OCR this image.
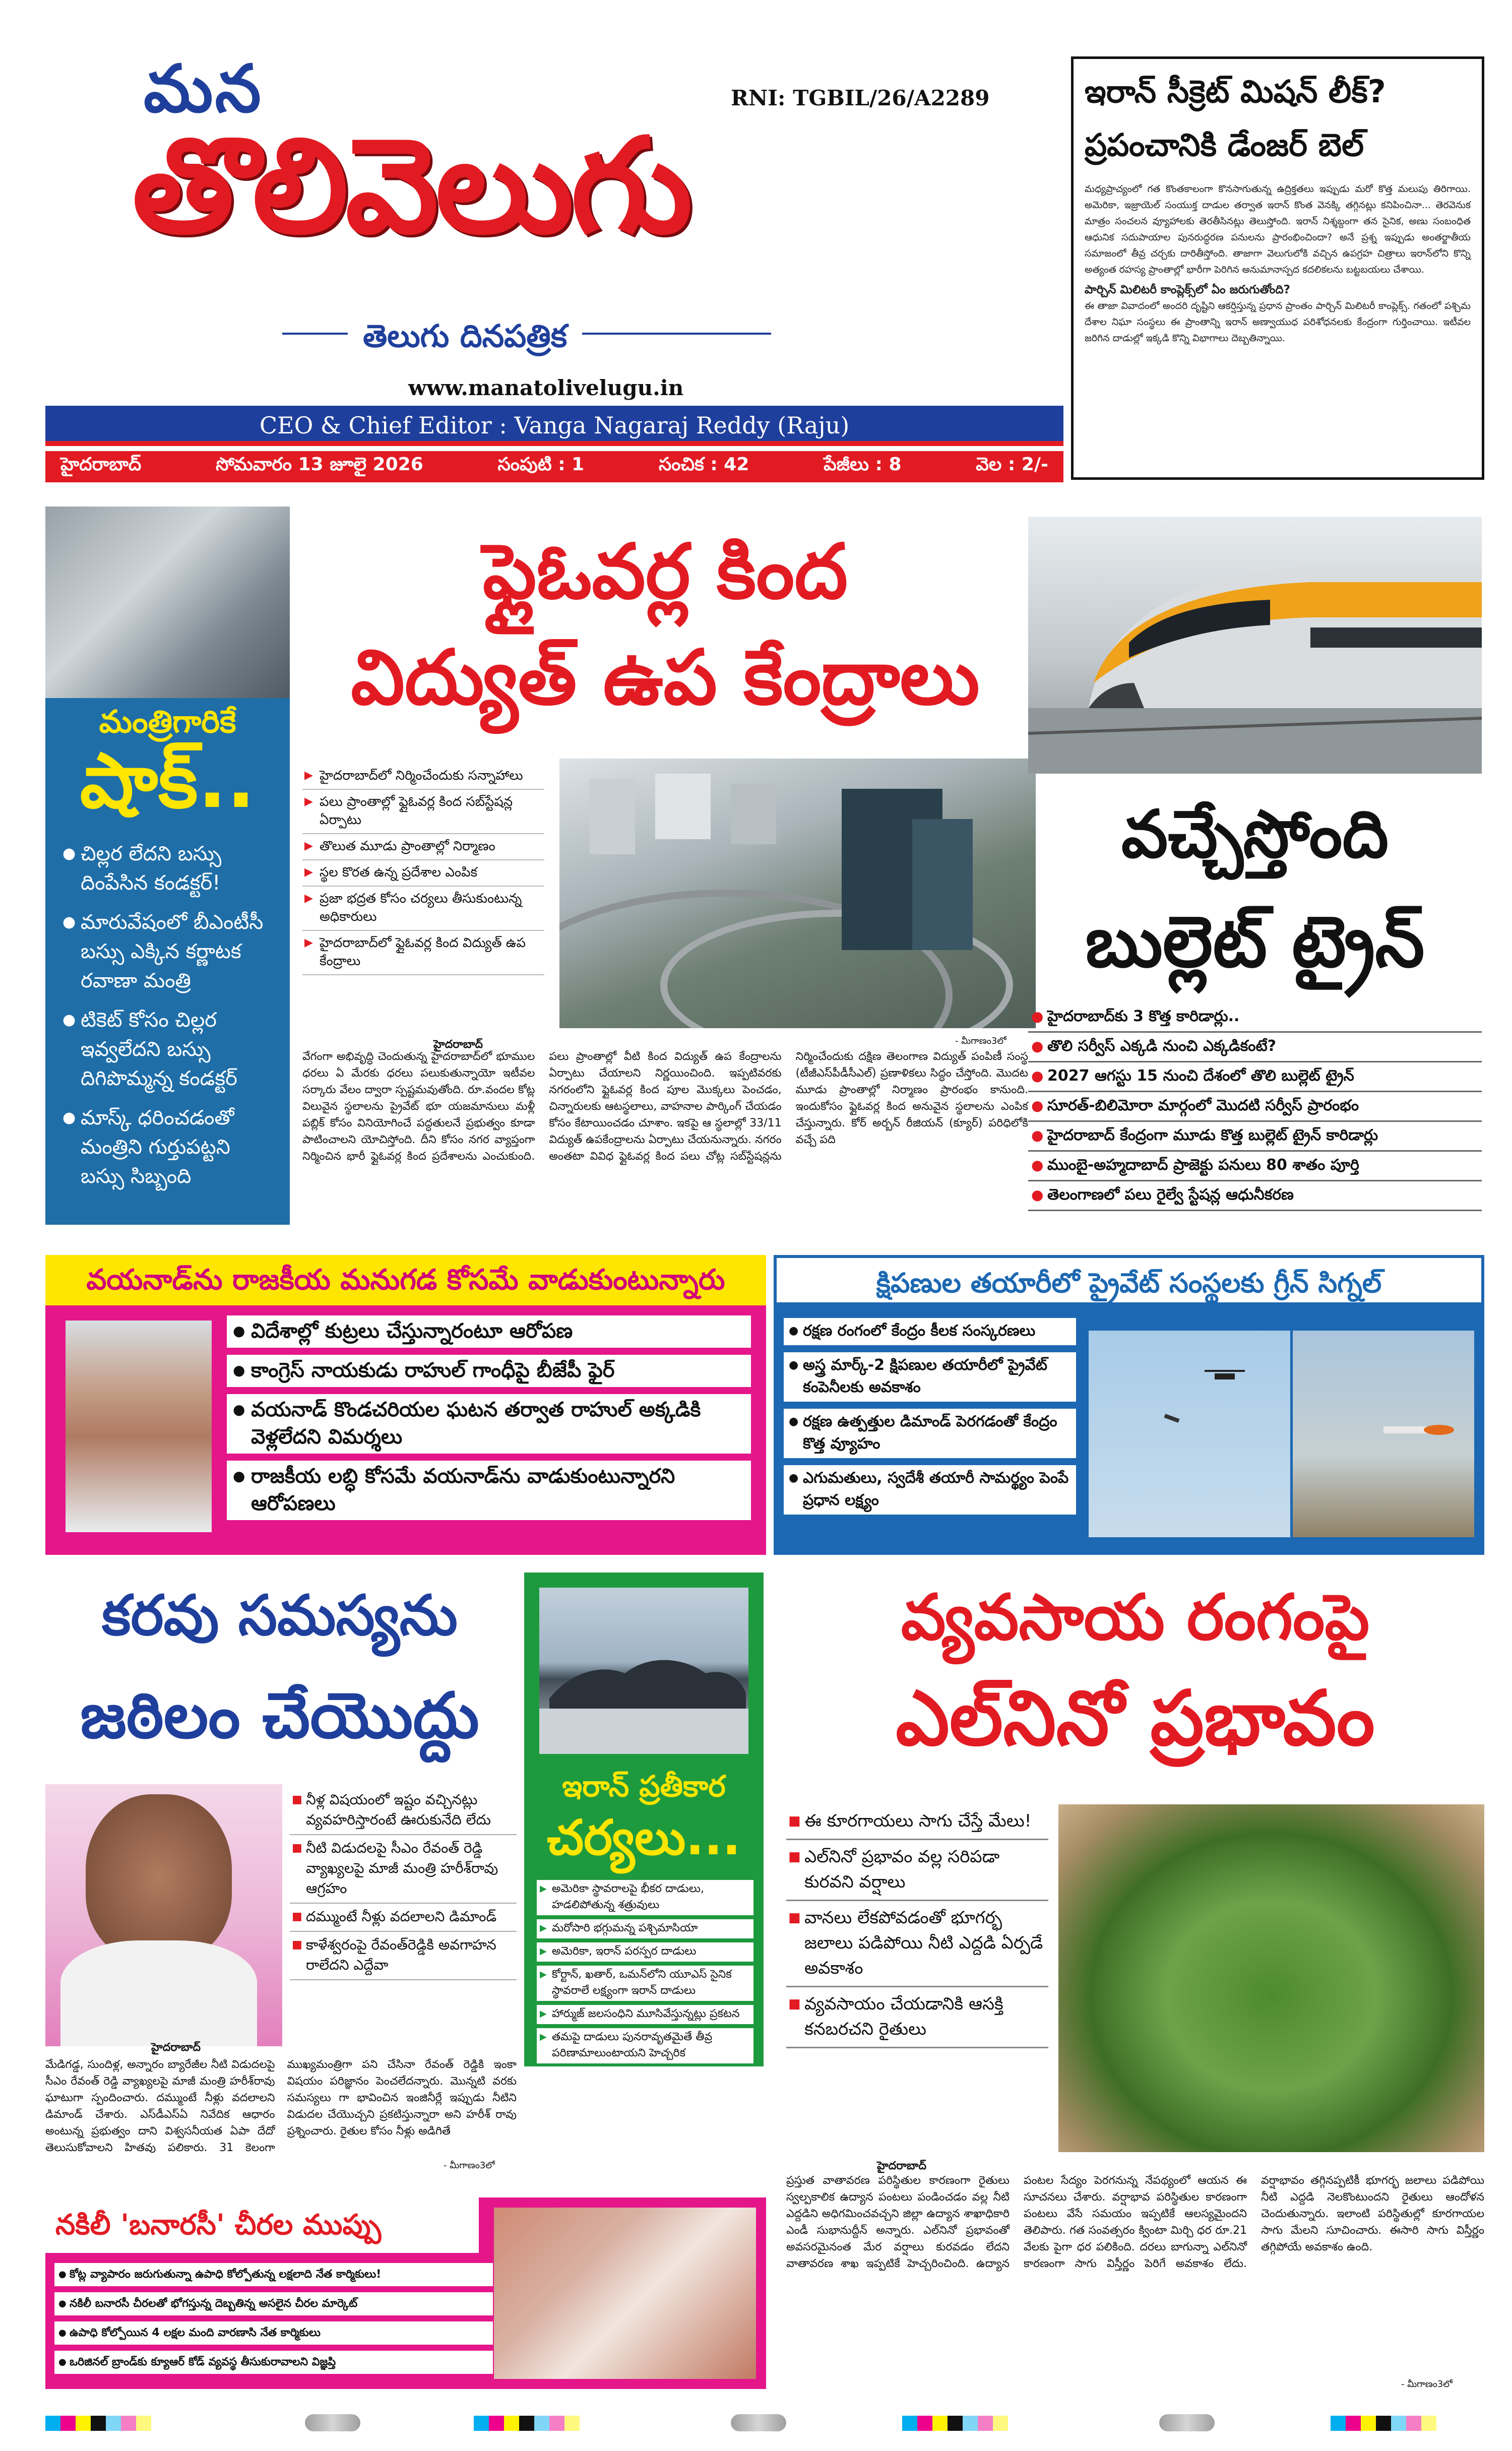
మన
తొలివెలుగు
తెలుగు దినపత్రిక
RNI: TGBIL/26/A2289
www.manatolivelugu.in
CEO & Chief Editor : Vanga Nagaraj Reddy (Raju)
హైదరాబాద్	సోమవారం 13 జూలై 2026	సంపుటి : 1	సంచిక : 42	పేజీలు : 8	వెల : 2/-
ఇరాన్ సీక్రెట్ మిషన్ లీక్?
ప్రపంచానికి డేంజర్ బెల్

మధ్యప్రాచ్యంలో గత కొంతకాలంగా కొనసాగుతున్న ఉద్రిక్తతలు ఇప్పుడు మరో కొత్త మలుపు తిరిగాయి. అమెరికా, ఇజ్రాయెల్ సంయుక్త దాడుల తర్వాత ఇరాన్ కొంత వెనక్కి తగ్గినట్లు కనిపించినా... తెరవెనుక మాత్రం సంచలన వ్యూహాలకు తెరతీసినట్లు తెలుస్తోంది. ఇరాన్ నిశ్శబ్దంగా తన సైనిక, అణు సంబంధిత ఆధునిక సదుపాయాల పునరుద్ధరణ పనులను ప్రారంభించిందా? అనే ప్రశ్న ఇప్పుడు అంతర్జాతీయ సమాజంలో తీవ్ర చర్చకు దారితీస్తోంది. తాజాగా వెలుగులోకి వచ్చిన ఉపగ్రహ చిత్రాలు ఇరాన్‌లోని కొన్ని అత్యంత రహస్య ప్రాంతాల్లో భారీగా పెరిగిన అనుమానాస్పద కదలికలను బట్టబయలు చేశాయి.

పార్చిన్ మిలిటరీ కాంప్లెక్స్‌లో ఏం జరుగుతోంది?

ఈ తాజా వివాదంలో అందరి దృష్టిని ఆకర్షిస్తున్న ప్రధాన ప్రాంతం పార్చిన్ మిలిటరీ కాంప్లెక్స్. గతంలో పశ్చిమ దేశాల నిఘా సంస్థలు ఈ ప్రాంతాన్ని ఇరాన్ అణ్వాయుధ పరిశోధనలకు కేంద్రంగా గుర్తించాయి. ఇటీవల జరిగిన దాడుల్లో ఇక్కడి కొన్ని విభాగాలు దెబ్బతిన్నాయి.

మంత్రిగారికే
షాక్..
● చిల్లర లేదని బస్సు దింపేసిన కండక్టర్!
● మారువేషంలో బీఎంటీసీ బస్సు ఎక్కిన కర్ణాటక రవాణా మంత్రి
● టికెట్ కోసం చిల్లర ఇవ్వలేదని బస్సు దిగిపొమ్మన్న కండక్టర్
● మాస్క్ ధరించడంతో మంత్రిని గుర్తుపట్టని బస్సు సిబ్బంది
ఫ్లైఓవర్ల కింద
విద్యుత్ ఉప కేంద్రాలు
▶ హైదరాబాద్‌లో నిర్మించేందుకు సన్నాహాలు
▶ పలు ప్రాంతాల్లో ఫ్లైఓవర్ల కింద సబ్‌స్టేషన్ల ఏర్పాటు
▶ తొలుత మూడు ప్రాంతాల్లో నిర్మాణం
▶ స్థల కొరత ఉన్న ప్రదేశాల ఎంపిక
▶ ప్రజా భద్రత కోసం చర్యలు తీసుకుంటున్న అధికారులు
▶ హైదరాబాద్‌లో ఫ్లైఓవర్ల కింద విద్యుత్ ఉప కేంద్రాలు
హైదరాబాద్	- మీగాణం3లో
వేగంగా అభివృద్ధి చెందుతున్న హైదరాబాద్‌లో భూముల ధరలు ఏ మేరకు ధరలు పలుకుతున్నాయో ఇటీవల సర్కారు వేలం ద్వారా స్పష్టమవుతోంది. రూ.వందల కోట్ల విలువైన స్థలాలను ప్రైవేట్ భూ యజమానులు మళ్లీ పబ్లిక్ కోసం వినియోగించే పద్ధతులనే ప్రభుత్వం కూడా పాటించాలని యోచిస్తోంది. దీని కోసం నగర వ్యాప్తంగా నిర్మించిన భారీ ఫ్లైఓవర్ల కింద ప్రదేశాలను ఎంచుకుంది. పలు ప్రాంతాల్లో వీటి కింద విద్యుత్ ఉప కేంద్రాలను ఏర్పాటు చేయాలని నిర్ణయించింది. ఇప్పటివరకు నగరంలోని ఫ్లైఓవర్ల కింద పూల మొక్కలు పెంచడం, చిన్నారులకు ఆటస్థలాలు, వాహనాల పార్కింగ్ చేయడం కోసం కేటాయించడం చూశాం. ఇకపై ఆ స్థలాల్లో 33/11 విద్యుత్ ఉపకేంద్రాలను ఏర్పాటు చేయనున్నారు. నగరం అంతటా వివిధ ఫ్లైఓవర్ల కింద పలు చోట్ల సబ్‌స్టేషన్లను నిర్మించేందుకు దక్షిణ తెలంగాణ విద్యుత్ పంపిణీ సంస్థ (టీజీఎస్‌పీడీసీఎల్) ప్రణాళికలు సిద్ధం చేస్తోంది. మొదట మూడు ప్రాంతాల్లో నిర్మాణం ప్రారంభం కానుంది. ఇందుకోసం ఫ్లైఓవర్ల కింద అనువైన స్థలాలను ఎంపిక చేస్తున్నారు. కోర్ అర్బన్ రీజియన్ (క్యూర్) పరిధిలోకి వచ్చే పది
వచ్చేస్తోంది
బుల్లెట్ ట్రైన్
● హైదరాబాద్‌కు 3 కొత్త కారిడార్లు..
● తొలి సర్వీస్ ఎక్కడి నుంచి ఎక్కడికంటే?
● 2027 ఆగస్టు 15 నుంచి దేశంలో తొలి బుల్లెట్ ట్రైన్
● సూరత్-బిలిమోరా మార్గంలో మొదటి సర్వీస్ ప్రారంభం
● హైదరాబాద్ కేంద్రంగా మూడు కొత్త బుల్లెట్ ట్రైన్ కారిడార్లు
● ముంబై-అహ్మదాబాద్ ప్రాజెక్టు పనులు 80 శాతం పూర్తి
● తెలంగాణలో పలు రైల్వే స్టేషన్ల ఆధునీకరణ
వయనాడ్‌ను రాజకీయ మనుగడ కోసమే వాడుకుంటున్నారు
● విదేశాల్లో కుట్రలు చేస్తున్నారంటూ ఆరోపణ
● కాంగ్రెస్ నాయకుడు రాహుల్ గాంధీపై బీజేపీ ఫైర్
● వయనాడ్ కొండచరియల ఘటన తర్వాత రాహుల్ అక్కడికి వెళ్లలేదని విమర్శలు
● రాజకీయ లబ్ధి కోసమే వయనాడ్‌ను వాడుకుంటున్నారని ఆరోపణలు
క్షిపణుల తయారీలో ప్రైవేట్ సంస్థలకు గ్రీన్ సిగ్నల్
● రక్షణ రంగంలో కేంద్రం కీలక సంస్కరణలు
● అస్త్ర మార్క్-2 క్షిపణుల తయారీలో ప్రైవేట్ కంపెనీలకు అవకాశం
● రక్షణ ఉత్పత్తుల డిమాండ్ పెరగడంతో కేంద్రం కొత్త వ్యూహం
● ఎగుమతులు, స్వదేశీ తయారీ సామర్థ్యం పెంపే ప్రధాన లక్ష్యం
కరవు సమస్యను
జఠిలం చేయొద్దు
■ నీళ్ల విషయంలో ఇష్టం వచ్చినట్లు వ్యవహరిస్తారంటే ఊరుకునేది లేదు
■ నీటి విడుదలపై సీఎం రేవంత్ రెడ్డి వ్యాఖ్యలపై మాజీ మంత్రి హరీశ్‌రావు ఆగ్రహం
■ దమ్ముంటే నీళ్లు వదలాలని డిమాండ్
■ కాళేశ్వరంపై రేవంత్‌రెడ్డికి అవగాహన రాలేదని ఎద్దేవా
హైదరాబాద్
- మీగాణం3లో
మేడిగడ్డ, సుందిళ్ల, అన్నారం బ్యారేజీల నీటి విడుదలపై సీఎం రేవంత్ రెడ్డి వ్యాఖ్యలపై మాజీ మంత్రి హరీశ్‌రావు ఘాటుగా స్పందించారు. దమ్ముంటే నీళ్లు వదలాలని డిమాండ్ చేశారు. ఎస్‌డీఎస్‌ఏ నివేదిక ఆధారం అంటున్న ప్రభుత్వం దాని విశ్వసనీయత ఏపా దేదో తెలుసుకోవాలని హితవు పలికారు. 31 కెలంగా ముఖ్యమంత్రిగా పని చేసినా రేవంత్ రెడ్డికి ఇంకా విషయం పరిజ్ఞానం పెంచలేదన్నారు. మొన్నటి వరకు సమస్యలు గా భావించిన ఇంజినీర్లే ఇప్పుడు నీటిని విడుదల చేయొచ్చని ప్రకటిస్తున్నారా అని హరీశ్ రావు ప్రశ్నించారు. రైతుల కోసం నీళ్లు అడిగితే
ఇరాన్ ప్రతీకార
చర్యలు...
▶ అమెరికా స్థావరాలపై భీకర దాడులు, హడలిపోతున్న శత్రువులు
▶ మరోసారి భగ్గుమన్న పశ్చిమాసియా
▶ అమెరికా, ఇరాన్ పరస్పర దాడులు
▶ కోర్టాన్, ఖతార్, ఒమన్‌లోని యూఎస్ సైనిక స్థావరాలే లక్ష్యంగా ఇరాన్ దాడులు
▶ హార్ముజ్ జలసంధిని మూసివేస్తున్నట్లు ప్రకటన
▶ తమపై దాడులు పునరావృతమైతే తీవ్ర పరిణామాలుంటాయని హెచ్చరిక
వ్యవసాయ రంగంపై
ఎల్‌నినో ప్రభావం
■ ఈ కూరగాయలు సాగు చేస్తే మేలు!
■ ఎల్‌నినో ప్రభావం వల్ల సరిపడా కురవని వర్షాలు
■ వానలు లేకపోవడంతో భూగర్భ జలాలు పడిపోయి నీటి ఎద్దడి ఏర్పడే అవకాశం
■ వ్యవసాయం చేయడానికి ఆసక్తి కనబరచని రైతులు
హైదరాబాద్
- మీగాణం3లో
ప్రస్తుత వాతావరణ పరిస్థితుల కారణంగా రైతులు స్వల్పకాలిక ఉద్యాన పంటలు పండించడం వల్ల నీటి ఎద్దడిని అధిగమించవచ్చని జిల్లా ఉద్యాన శాఖాధికారి ఎండీ సుభానుద్దీన్ అన్నారు. ఎల్‌నినో ప్రభావంతో అవసరమైనంత మేర వర్షాలు కురవడం లేదని వాతావరణ శాఖ ఇప్పటికే హెచ్చరించింది. ఉద్యాన పంటల సేద్యం పెరగనున్న నేపథ్యంలో ఆయన ఈ సూచనలు చేశారు. వర్షాభావ పరిస్థితుల కారణంగా పంటలు వేసే సమయం ఇప్పటికే ఆలస్యమైందని తెలిపారు. గత సంవత్సరం క్వింటా మిర్చి ధర రూ.21 వేలకు పైగా ధర పలికింది. దరలు బాగున్నా ఎల్‌నినో కారణంగా సాగు విస్తీర్ణం పెరిగే అవకాశం లేదు. వర్షాభావం తగ్గినప్పటికీ భూగర్భ జలాలు పడిపోయి నీటి ఎద్దడి నెలకొంటుందని రైతులు ఆందోళన చెందుతున్నారు. ఇలాంటి పరిస్థితుల్లో కూరగాయల సాగు మేలని సూచించారు. ఈసారి సాగు విస్తీర్ణం తగ్గిపోయే అవకాశం ఉంది.
నకిలీ 'బనారసీ' చీరల ముప్పు
● కోట్ల వ్యాపారం జరుగుతున్నా ఉపాధి కోల్పోతున్న లక్షలాది నేత కార్మికులు!
● నకిలీ బనారసీ చీరలతో భోగస్తున్న దెబ్బతిన్న అసలైన చీరల మార్కెట్
● ఉపాధి కోల్పోయిన 4 లక్షల మంది వారణాసి నేత కార్మికులు
● ఒరిజినల్ బ్రాండ్‌కు క్యూఆర్ కోడ్ వ్యవస్థ తీసుకురావాలని విజ్ఞప్తి
